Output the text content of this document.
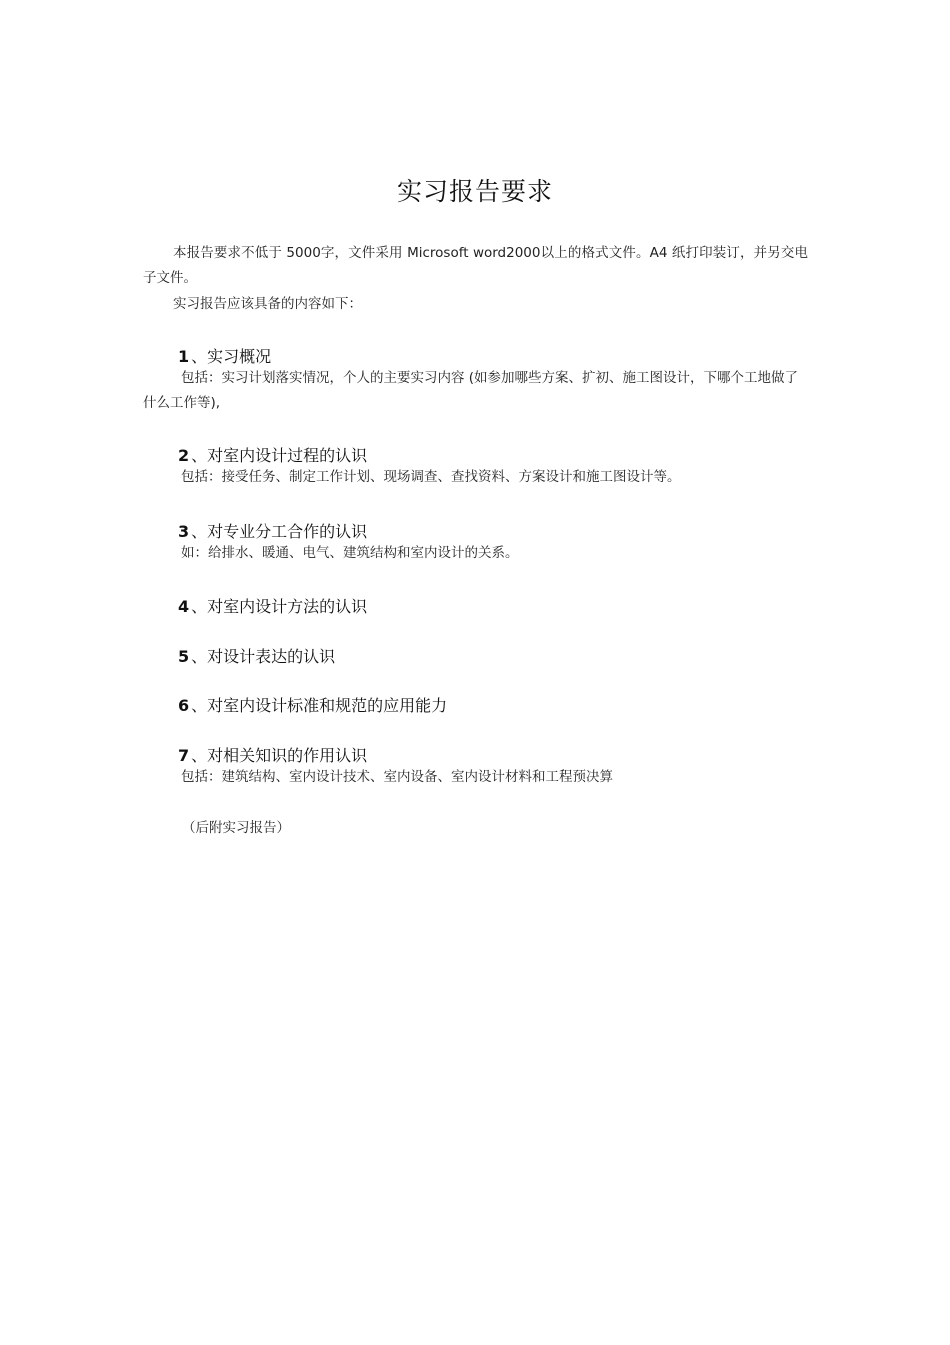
实习报告要求
本报告要求不低于 5000字，文件采用 Microsoft word2000以上的格式文件。A4 纸打印装订，并另交电子文件。
实习报告应该具备的内容如下：
1 、实习概况
包括：实习计划落实情况，个人的主要实习内容 (如参加哪些方案、扩初、施工图设计，下哪个工地做了什么工作等),
2 、对室内设计过程的认识
包括：接受任务、制定工作计划、现场调查、查找资料、方案设计和施工图设计等。
3 、对专业分工合作的认识
如：给排水、暖通、电气、建筑结构和室内设计的关系。
4 、对室内设计方法的认识
5 、对设计表达的认识
6 、对室内设计标准和规范的应用能力
7 、对相关知识的作用认识
包括：建筑结构、室内设计技术、室内设备、室内设计材料和工程预决算
（后附实习报告）
